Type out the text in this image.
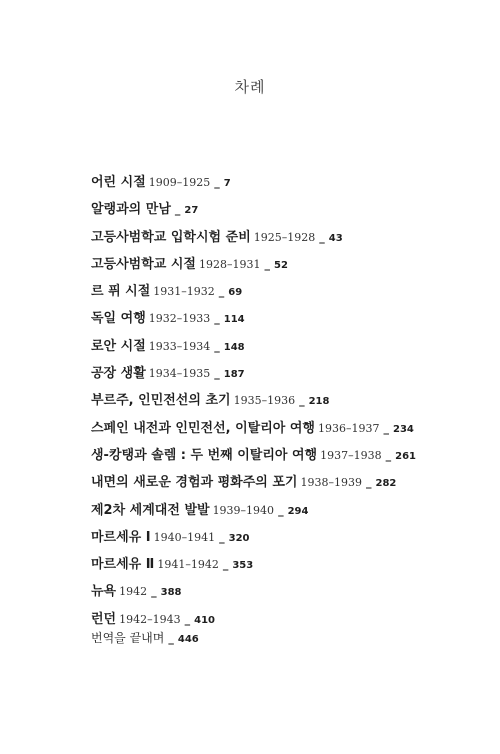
차례
어린 시절 1909–1925 _ 7
알랭과의 만남 _ 27
고등사범학교 입학시험 준비 1925–1928 _ 43
고등사범학교 시절 1928–1931 _ 52
르 퓌 시절 1931–1932 _ 69
독일 여행 1932–1933 _ 114
로안 시절 1933–1934 _ 148
공장 생활 1934–1935 _ 187
부르주, 인민전선의 초기 1935–1936 _ 218
스페인 내전과 인민전선, 이탈리아 여행 1936–1937 _ 234
생-캉탱과 솔렘 : 두 번째 이탈리아 여행 1937–1938 _ 261
내면의 새로운 경험과 평화주의 포기 1938–1939 _ 282
제2차 세계대전 발발 1939–1940 _ 294
마르세유 Ⅰ 1940–1941 _ 320
마르세유 Ⅱ 1941–1942 _ 353
뉴욕 1942 _ 388
런던 1942–1943 _ 410
번역을 끝내며 _ 446
